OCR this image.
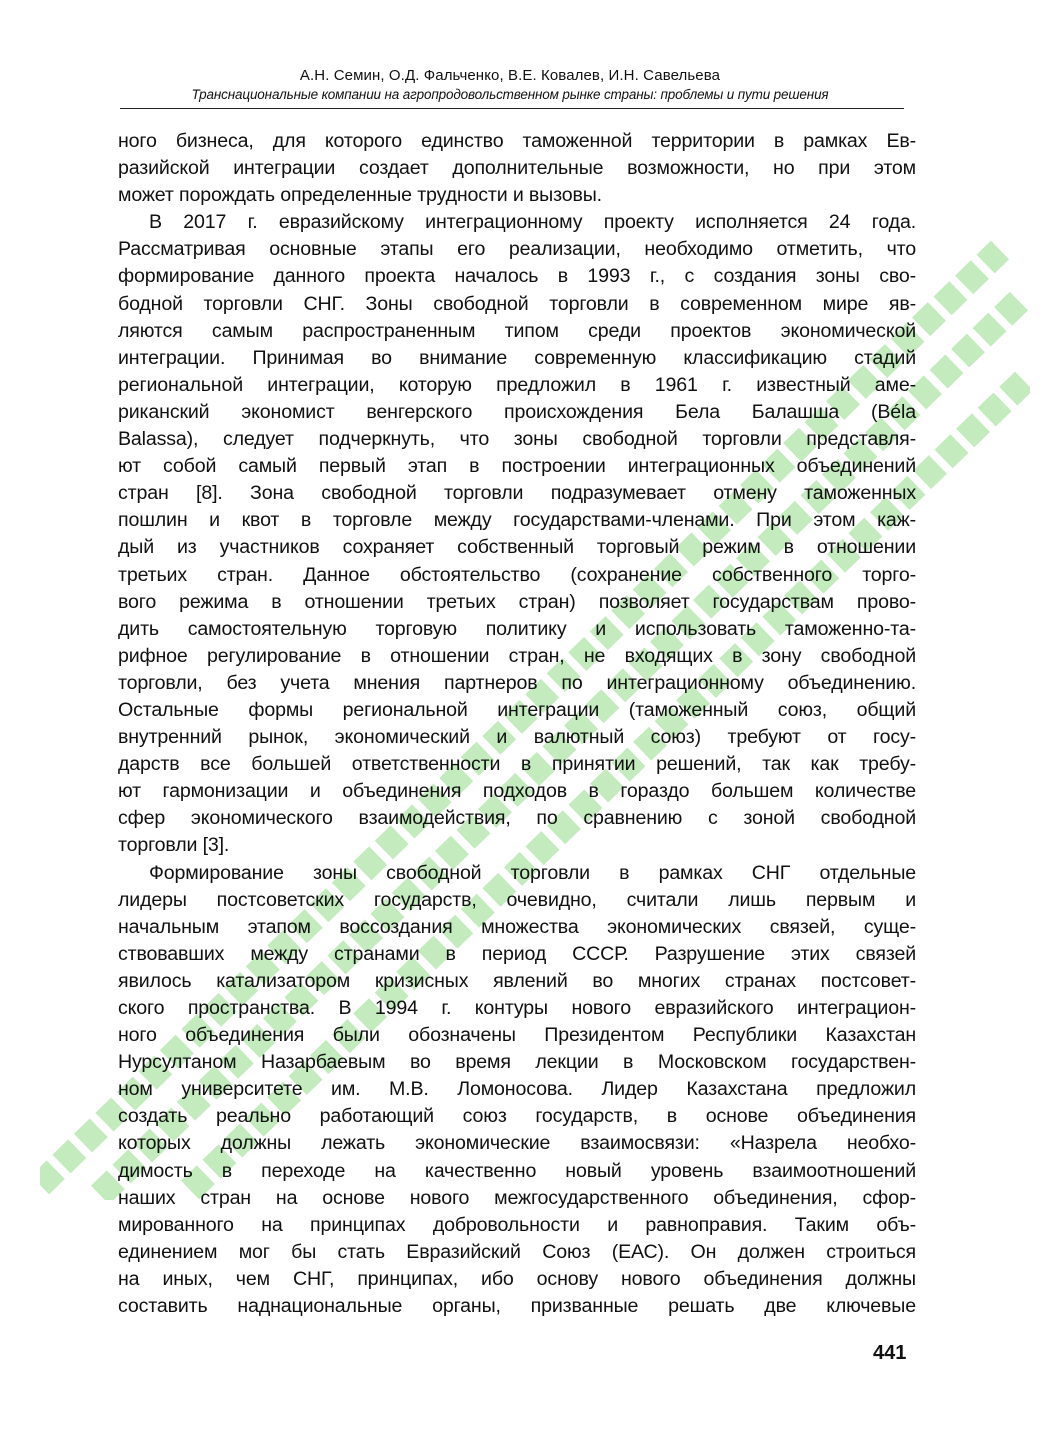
А.Н. Семин, О.Д. Фальченко, В.Е. Ковалев, И.Н. Савельева
Транснациональные компании на агропродовольственном рынке страны: проблемы и пути решения
ного бизнеса, для которого единство таможенной территории в рамках Ев-
разийской интеграции создает дополнительные возможности, но при этом
может порождать определенные трудности и вызовы.
В 2017 г. евразийскому интеграционному проекту исполняется 24 года.
Рассматривая основные этапы его реализации, необходимо отметить, что
формирование данного проекта началось в 1993 г., с создания зоны сво-
бодной торговли СНГ. Зоны свободной торговли в современном мире яв-
ляются самым распространенным типом среди проектов экономической
интеграции. Принимая во внимание современную классификацию стадий
региональной интеграции, которую предложил в 1961 г. известный аме-
риканский экономист венгерского происхождения Бела Балашша (Béla
Balassa), следует подчеркнуть, что зоны свободной торговли представля-
ют собой самый первый этап в построении интеграционных объединений
стран [8]. Зона свободной торговли подразумевает отмену таможенных
пошлин и квот в торговле между государствами-членами. При этом каж-
дый из участников сохраняет собственный торговый режим в отношении
третьих стран. Данное обстоятельство (сохранение собственного торго-
вого режима в отношении третьих стран) позволяет государствам прово-
дить самостоятельную торговую политику и использовать таможенно-та-
рифное регулирование в отношении стран, не входящих в зону свободной
торговли, без учета мнения партнеров по интеграционному объединению.
Остальные формы региональной интеграции (таможенный союз, общий
внутренний рынок, экономический и валютный союз) требуют от госу-
дарств все большей ответственности в принятии решений, так как требу-
ют гармонизации и объединения подходов в гораздо большем количестве
сфер экономического взаимодействия, по сравнению с зоной свободной
торговли [3].
Формирование зоны свободной торговли в рамках СНГ отдельные
лидеры постсоветских государств, очевидно, считали лишь первым и
начальным этапом воссоздания множества экономических связей, суще-
ствовавших между странами в период СССР. Разрушение этих связей
явилось катализатором кризисных явлений во многих странах постсовет-
ского пространства. В 1994 г. контуры нового евразийского интеграцион-
ного объединения были обозначены Президентом Республики Казахстан
Нурсултаном Назарбаевым во время лекции в Московском государствен-
ном университете им. М.В. Ломоносова. Лидер Казахстана предложил
создать реально работающий союз государств, в основе объединения
которых должны лежать экономические взаимосвязи: «Назрела необхо-
димость в переходе на качественно новый уровень взаимоотношений
наших стран на основе нового межгосударственного объединения, сфор-
мированного на принципах добровольности и равноправия. Таким объ-
единением мог бы стать Евразийский Союз (ЕАС). Он должен строиться
на иных, чем СНГ, принципах, ибо основу нового объединения должны
составить наднациональные органы, призванные решать две ключевые
441
